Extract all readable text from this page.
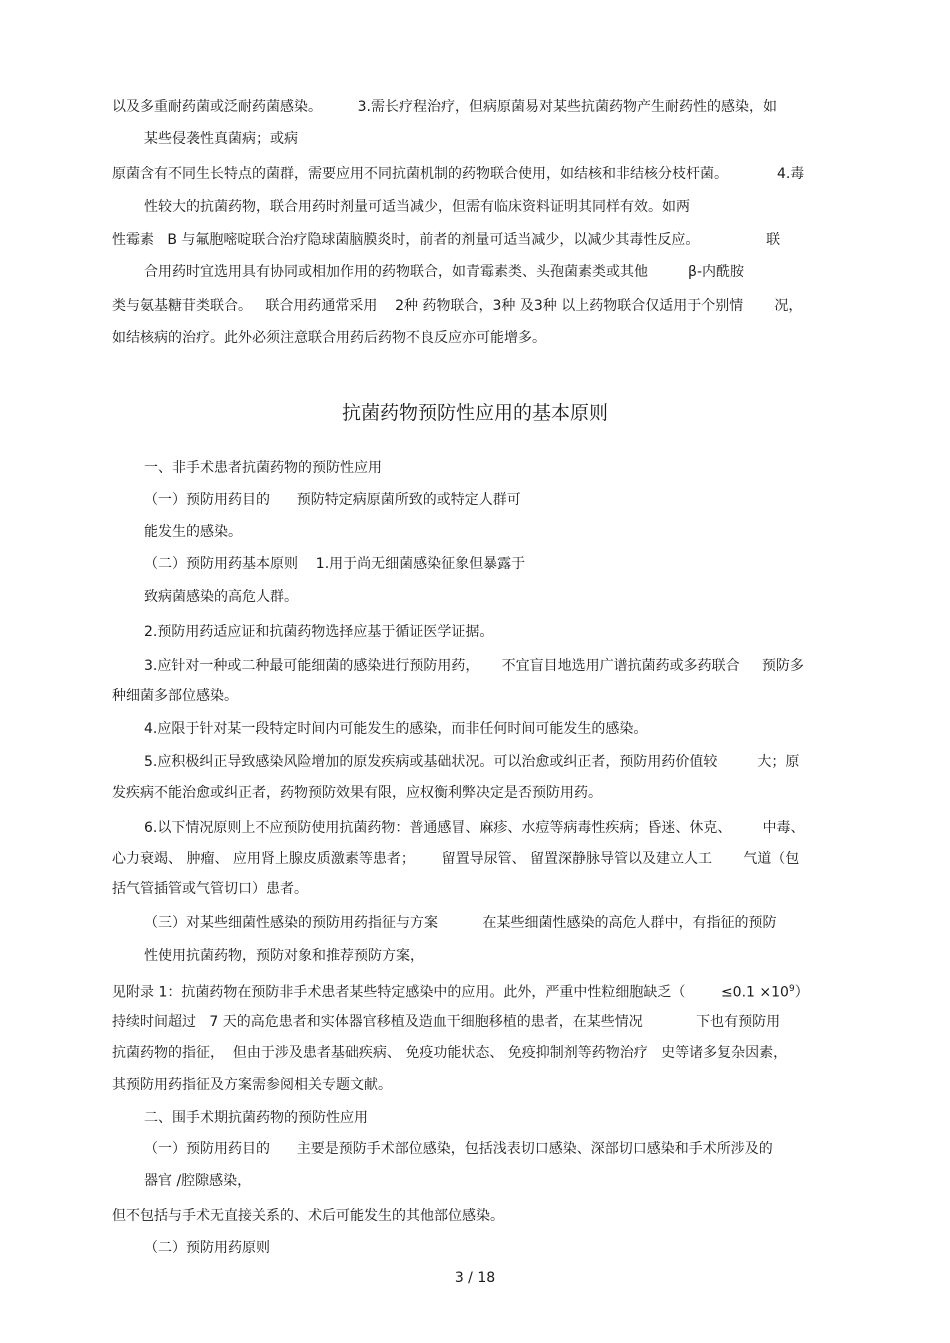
以及多重耐药菌或泛耐药菌感染。        3.需长疗程治疗，但病原菌易对某些抗菌药物产生耐药性的感染，如
某些侵袭性真菌病；或病
原菌含有不同生长特点的菌群，需要应用不同抗菌机制的药物联合使用，如结核和非结核分枝杆菌。           4.毒
性较大的抗菌药物，联合用药时剂量可适当减少，但需有临床资料证明其同样有效。如两
性霉素   B 与氟胞嘧啶联合治疗隐球菌脑膜炎时，前者的剂量可适当减少，以减少其毒性反应。               联
合用药时宜选用具有协同或相加作用的药物联合，如青霉素类、头孢菌素类或其他         β-内酰胺
类与氨基糖苷类联合。   联合用药通常采用    2种 药物联合，3种 及3种 以上药物联合仅适用于个别情       况，
如结核病的治疗。此外必须注意联合用药后药物不良反应亦可能增多。
抗菌药物预防性应用的基本原则
一、非手术患者抗菌药物的预防性应用
（一）预防用药目的      预防特定病原菌所致的或特定人群可
能发生的感染。
（二）预防用药基本原则    1.用于尚无细菌感染征象但暴露于
致病菌感染的高危人群。
2.预防用药适应证和抗菌药物选择应基于循证医学证据。
3.应针对一种或二种最可能细菌的感染进行预防用药，     不宜盲目地选用广谱抗菌药或多药联合     预防多
种细菌多部位感染。
4.应限于针对某一段特定时间内可能发生的感染，而非任何时间可能发生的感染。
5.应积极纠正导致感染风险增加的原发疾病或基础状况。可以治愈或纠正者，预防用药价值较         大；原
发疾病不能治愈或纠正者，药物预防效果有限，应权衡利弊决定是否预防用药。
6.以下情况原则上不应预防使用抗菌药物：普通感冒、麻疹、水痘等病毒性疾病；昏迷、休克、       中毒、
心力衰竭、 肿瘤、 应用肾上腺皮质激素等患者；      留置导尿管、 留置深静脉导管以及建立人工       气道（包
括气管插管或气管切口）患者。
（三）对某些细菌性感染的预防用药指征与方案          在某些细菌性感染的高危人群中，有指征的预防
性使用抗菌药物，预防对象和推荐预防方案，
见附录 1：抗菌药物在预防非手术患者某些特定感染中的应用。此外，严重中性粒细胞缺乏（        $\le 0.1 \times 10^9$）
持续时间超过   7 天的高危患者和实体器官移植及造血干细胞移植的患者，在某些情况            下也有预防用
抗菌药物的指征，  但由于涉及患者基础疾病、 免疫功能状态、 免疫抑制剂等药物治疗   史等诸多复杂因素，
其预防用药指征及方案需参阅相关专题文献。
二、围手术期抗菌药物的预防性应用
（一）预防用药目的      主要是预防手术部位感染，包括浅表切口感染、深部切口感染和手术所涉及的
器官 /腔隙感染，
但不包括与手术无直接关系的、术后可能发生的其他部位感染。
（二）预防用药原则
3 / 18
